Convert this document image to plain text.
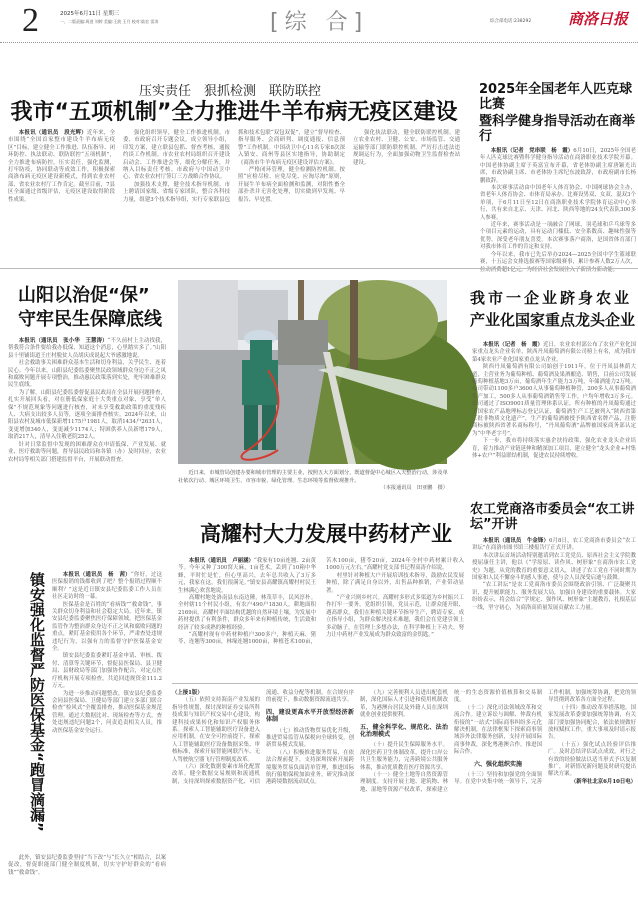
2	2025年6月11日 星期三
一、二版责编:周进 刘婷 美编:王波 王月 校对:陆宏 雷涛	[综 合]	综合部电话:238292 商洛日报
压实责任　狠抓检测　联防联控
我市“五项机制”全力推进牛羊布病无疫区建设

本报讯（通讯员　段光辉）近年来，全市围绕“全国首家整市建设牛羊布病无疫区”目标，建立健全工作推进、队伍指导、闭环防控、执法联动、联防联控“五项机制”，全力推进布病防控，压实责任，强化监测，打牢防疫，协同联动等成效工作，积极探索商洛布病无疫区建设新模式，得到农业农村部、省农业农村厅工作肯定。截至目前，7县区全面通过省级评估，无疫区建设取得阶段性成果。

强化组织领导，健全工作推进机制。市委、市政府召开专题会议，成立领导小组，印发方案，建立联县包抓、督查考核、通报约谈工作机制。市农业农村局组织召开建设启动会、工作推进会等，细化分解任务，并纳入目标责任考核。市政府与中国动卫中心、省农业农村厅签订三方战略合作协议。

加强技术支撑，健全技术指导机制。市上聘请国家级、省级专家团队，整合各科技力量，组建3个技术指导组，实行专家联县包抓和技术包联“双包双促”，建立“督导检查、指导服务、会商研判、调度通报、信息预警”工作机制。中国动卫中心11名专家8次深入镇安、商州等县区实地指导，协助制定《商洛市牛羊布病无疫区建设评估方案》。

严格闭环管理，健全检测防控机制。按照“应检尽检、应免尽免、应淘尽淘”原则，开展牛羊布病全面检测和监测，对阳性畜全部扑杀并无害化处理，切实做到早发现、早报告、早处置。

强化执法联动，健全联防联控机制。建立农业农村、卫健、公安、市场监管、交通运输等部门联防联控机制，严厉打击违法违规调运行为，全面加强动物卫生监督检查站建设。

2025年全国老年人匹克球比赛
暨科学健身指导活动在商举行

本报讯（记者　党串联　杨　霞）6月10日，2025年全国老年人匹克球比赛暨科学健身指导活动在商洛职业技术学院开幕。中国老体协副主席于英富宣布开幕，省老体协副主席唐颖光出席，市政协副主席、市老体协主席纪东波致辞，市政府副市长杨鹏致辞。

本次赛事活动由中国老年人体育协会、中国网球协会主办，省老年人体育协会、市体育局承办。比赛设男双、女双、混双3个单项，于6月11日至12日在商洛职业技术学院体育运动中心举行，共有来自北京、天津、河北、陕西等地的24支代表队300多人参赛。

近年来，赛事活动是一项融合了网球、羽毛球和乒乓球等多个项目元素的运动，具有运动门槛低、安全系数高、趣味性强等优势，深受老年朋友喜爱。本次赛事落户商洛，是国省体育部门对我市体育工作的肯定和支持。

今年以来，我市已先后举办2024—2025全国中学生篮球联赛，十五运会女排选拔赛等国家级赛事，累计参赛人数2万人次，拉动消费超1亿元，为经济社会发展注入了新活力新动能。

山阳以治促“保”
守牢民生保障底线

本报讯（通讯员　张小华　王慧涛）“不久前村上主动找我，帮我符合条件要给我办低保，知道这个消息，心里踏实多了。”山阳县十里铺街道王庄村脱贫人员胡庆成说起大爷感激地说。

社会救助事关困难群众基本生活和切身利益，关乎民生、连着民心。今年以来，山阳县纪委监委聚焦民政领域群众身边不正之风和腐败问题开展专项整治，推动惠民政策落到实处，兜牢困难群众民生底线。

为了解，山阳县纪委监委督促县民政局在全县开展问题排查，扎实开展回头看，对在册低保家庭十大类重点对象、享受“单人保”不规范现象等问题进行核查，对未享受救助政策的重度残疾人、大病支出较多人员等，逐项全面排查核实。2024年以来，山阳县农村及城市低保新增1175户1981人，取消1434户2631人，变更增加340人，变更减少1174人；特困供养人员新增179人，取消217人，清导入住敬老院252人。

针对日常监督中发现的困难群众在申请低保、产业发展、就业、医疗救助等问题，督导县民政局和各镇（办）及时回应，农业农村局等相关部门搭建监督平台，开展联动督查。

近日来，市城管局创建办要和城市管理的主要主业，按照五大方面划分，既道督促中心城区入夫整治行动，涉及单社依次行动、城区环境卫生、市容市貌、绿化管理、生态环境等监督依观推升。
（本报通讯员　田亚鹏　摄）
我市一企业跻身农业
产业化国家重点龙头企业

本报讯（记者　杨　霞）近日，农业农村部公布了农业产业化国家重点龙头企业名单，陕西丹凤葡萄酒有限公司榜上有名，成为我市第4家农业产业化国家重点龙头企业。

陕西丹凤葡萄酒有限公司始创于1911年，位于丹凤县林荫大道，主营业务为葡萄种植、葡萄酒及果酒酿造、销售，目前公司发展葡萄种植基地3万亩，葡萄酒年生产能力3万吨，年储酒能力2万吨。公司带动1100多户3600人从事葡萄种植种管，200多人从事葡萄酒生产加工，500多人从事葡萄酒销售等工作，户均年增收3万多元。公司通过了ISO9001质量管理体系认证，所有种植的丹凤葡萄通过了国家农产品地理标志登记认证，葡萄酒生产工艺被列入“陕西省第三批非物质文化遗产”，生产的葡萄酒被授予陕西省名牌产品，注册商标被陕西省著名商标称号，“丹凤葡萄酒”品牌被国家商务部认定为“中华老字号”。

下一步，我市将持续落实惠企扶持政策，强化农业龙头企业培育，着力推动产业链延伸和精深加工项目，建立健全“龙头企业+村集体+农户”利益联结机制，促进农民持续增收。

农工党商洛市委员会“农工讲坛”开讲

本报讯（通讯员　牛金锋）6月8日，农工党商洛市委员会“农工讲坛”在商洛市图书馆三楼报告厅正式开讲。

本次讲坛首场活动特别邀请到农工党党员、原西社会主义学院教授屈康任主讲，他以《“学原原、读作风、树形象”在商洛市农工党史》为题，从党的教育的重要意义切入，讲述了农工党在不同时期为国家和人民不懈奋斗的感人事迹，使与会人员深受启迪与鼓舞。

“农工讲坛”是农工党商洛市委员会围绕政治引领、广泛凝聚共识，提升履职能力、服务发展大局，加强自身建设的重要载体。大家纷纷表示，将会结合“学规定、强作风、树形象”主题教育，扎根基层一线，坚守初心，为商洛高质量发展贡献农工力量。

高耀村大力发展中药材产业

本报讯（通讯员　卢丽涵）“我家有10亩连翘、2亩黄芩。今年又种了300窝天麻，1亩苍术，丢到了10箱中华蜂，平时忙是忙，但心里高兴，去年总共收入了3万多元，我家在这，我们很满足。”镇安县高耀镇高耀村村民王生林满心欢喜地说。

高耀村地处洛南县东南边陲，林茂草丰，民风淳朴。全村辖11个村民小组，有农户490户1830人，耕地面积2169亩。高耀村平面结构优越的自然环境土壤，为发展中药材提供了有利条件，群众多年来有种植传统，生活致和经济了较多成熟的种植经验。

“高耀村现有中药材种植户300多户，种植天麻、猪苓、连翘等300亩，林缘连翘1000亩，种植苍术100亩，苦木100亩，猪苓20亩，2024年全村中药材累计收入1000万元左右。”高耀村党支部书记程高涛介绍说。

村里针对种植大户开展培训技术指导，鼓励农民发展种植，除了满足自身以外，出售品种推销，产业带动显著。

“产业兴则乡村兴。高耀村多形式多渠道为乡村振兴工作打牢一要务，党组织引领，党员示范，让群众能开眼、遇高群众，我们在种植关键环节指导生产，聘请专家，成立指导小组，为群众解决技术难题，我们会在党建引领上多动脑子，在管理上多想办法，在科学种植上下功夫，努力让中药材产业发展成为群众致富的金钥匙。”

镇安强化监督严防医保基金“跑冒滴漏”	本报讯（通讯员　杨　茜）“你好，过这医保报销的钱都收到了吧？整个报销过程顺不顺利？”这是近日镇安县纪委监委工作人员在社区走访时的一幕。

医保基金是百姓的“看病钱”“救命钱”，事关群众切身利益和社会稳定大局。近年来，镇安县纪委监委聚焦医疗保障领域，把医保基金监管作为整治群众身边不正之风和腐败问题的重点，紧盯基金使用各个环节，严肃查处违规违纪行为，以强有力的监督守护医保基金安全。

镇安县纪委监委紧盯基金申请、审核、拨付、清算等关键环节，督促县医保局、县卫健局、县财政局等部门加强协作配合，对定点医疗机构开展专项检查，共追回违规资金111.2万元。

为进一步推动问题整改，镇安县纪委监委会同县医保局、卫健局等部门建立多部门联合检查“检风式”全覆盖排查，推动医保基金规范管理。通过大数据比对、现场检查等方式，查处违规违纪问题2个，问责追责相关人员，推动医保基金安全运行。

此外，镇安县纪委监委坚持“当下改”与“长久立”相结合，以案促改，督促职能部门健全制度机制，切实守护好群众的“看病钱”“救命钱”。

（上接1版）

（五）依照支持海南产业发展的指导性规划，探讨深圳证券交易所科技成果与知识产权交易中心建设，构建科技成果转化和知识产权服务体系。探索人工智能辅助医疗设备进入应用机制，在安全可控前提下，探索人工智能辅助医疗设备数据采集、审核标准，探索开展智能网联汽车、无人驾驶航空器飞行管理制度改革。

（六）深化数据要素市场化配置改革。健全数据交易规则和流通机制，支持深圳探索数据资产化、可信流通、收益分配等机制。在合规有序的前提下，推动数据资源流通共享。

四、建设更高水平开放型经济新体制

（七）推动货物贸易优化升级，推进贸易监管从保税向全球转变，创新贸易模式发展。

（八）积极推进服务贸易，在依法合规前提下，支持深圳探索开展跨境服务贸易负面清单管理，推进国际航行船舶保税加油业务，研究推动深港跨境数据流动试点。

（九）完善便利人员进出配套机制，深化国际人才引进和使用机制改革，为港澳台居民及外籍人员在深圳就业创业提供便利。

五、健全科学化、规范化、法治化治理模式

（十）提升民生保障服务水平。深化医药卫生体制改革，提升口岸公共卫生服务能力，完善跨境公共服务体系，推动优质教育医疗资源共享。

（十一）健全土地等自然资源管理制度。支持开展土地、建筑物、林地、湿地等资源产权改革，探索建立统一的生态资源价值核算和交易制度。

（十二）深化司法领域改革和交流合作。建立诉讼与调解、仲裁有机衔接的“一站式”国际商事纠纷多元化解决机制，在法律框架下探索商事领域涉外法律服务创新，支持开展国际商事仲裁，深化粤港澳合作，推进国际合作。

六、强化组织实施

（十三）坚持和加强党的全面领导。在党中央集中统一领导下，完善工作机制，加强统筹协调，把党的领导贯彻到改革各方面全过程。

（十四）推动改革举措落地。国家发展改革委要加强统筹协调，有关部门要加强协同配合，依法依规做好放权赋权工作，重大事项及时请示报告。

（十五）强化试点经验评估推广。及时总结评估试点成效，对行之有效的经验做法以适当形式予以复制推广，对新情况新问题及时研究提出解决方案。

（新华社北京6月10日电）
